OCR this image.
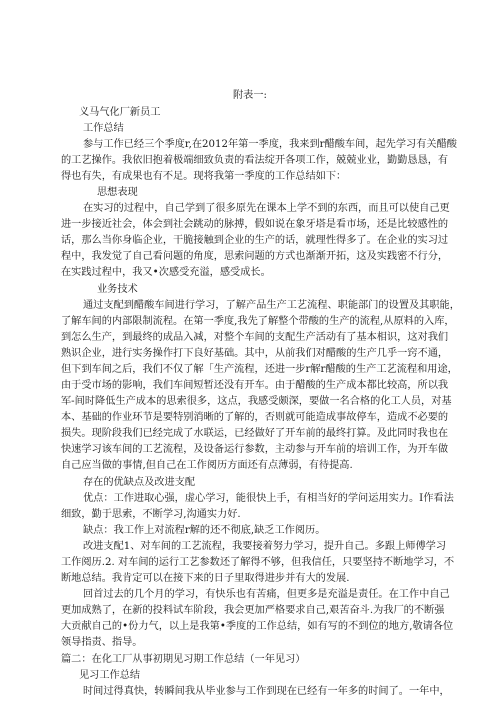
附表一:
义马气化厂新员工
工作总结
参与工作已经三个季度r,在2012年第一季度，我来到r醋酸车间，起先学习有关醋酸
的工艺操作。我依旧抱着极端细致负责的看法绽开各项工作，兢兢业业，勤勤恳恳，有
得也有失，有成果也有不足。现将我第一季度的工作总结如下：
思想表现
在实习的过程中，自己学到了很多原先在课本上学不到的东西，而且可以使自己更
进一步接近社会，体会到社会跳动的脉搏，假如说在象牙塔是看市场，还是比较感性的
话，那么当你身临企业，干脆接触到企业的生产的话，就理性得多了。在企业的实习过
程中，我发觉了自己看问题的角度，思索问题的方式也渐渐开拓，这及实践密不行分，
在实践过程中，我又•次感受充溢，感受成长。
业务技术
通过支配到醋酸车间进行学习，了解产品生产工艺流程、职能部门的设置及其职能，
了解车间的内部限制流程。在第一季度,我先了解整个带酸的生产的流程,从原料的入库，
到怎么生产，到最终的成品入减，对整个车间的支配生产活动有了基本相识，这对我们
熟识企业，进行实务操作打下良好基础。其中，从前我们对醋酸的生产几乎一窍不通，
但下到车间之后，我们不仅了解「生产流程，还进一步r解r醋酸的生产工艺流程和用途，
由于受市场的影响，我们车间短暂还没有开车。由于醋酸的生产成本都比较高，所以我
军-间时降低生产成本的思索很多，这点，我感受颇深，要做一名合格的化工人员，对基
本、基础的作业环节是要特别消晰的了解的，否则就可能造成事故停车，造成不必要的
损失。现阶段我们已经完成了水联运，已经做好了开车前的最终打算。及此同时我也在
快速学习该车间的工艺流程，及设备运行参数，主动参与开车前的培训工作，为开车做
自己应当做的事情,但自己在工作阅历方面还有点薄弱，有待提高.
存在的优缺点及改进支配
优点：工作进取心强，虚心学习，能很快上手，有相当好的学问运用实力。I作看法
细致，勤于思索，不断学习,沟通实力好.
缺点：我工作上对流程r解的还不彻底,缺乏工作阅历。
改进支配1、对车间的工艺流程，我要接着努力学习，提升自己。多跟上师傅学习
工作阅历.2. 对车间的运行工艺参数还了解得不够，但我信任，只要坚持不断地学习，不
断地总结。我肯定可以在接下来的日子里取得进步并有大的发展.
回首过去的几个月的学习，有快乐也有苦痛，但更多是充溢是责任。在工作中自己
更加成熟了，在新的投料试车阶段，我会更加严格要求自己,艰苦奋斗.为我厂的不断强
大贡献自己的•份力气，以上是我第•季度的工作总结，如有写的不到位的地方,敬请各位
领导指责、指导。
篇二：在化工厂从事初期见习期工作总结（一年见习）
见习工作总结
时间过得真快，转瞬间我从毕业参与工作到现在已经有一年多的时间了。一年中，
